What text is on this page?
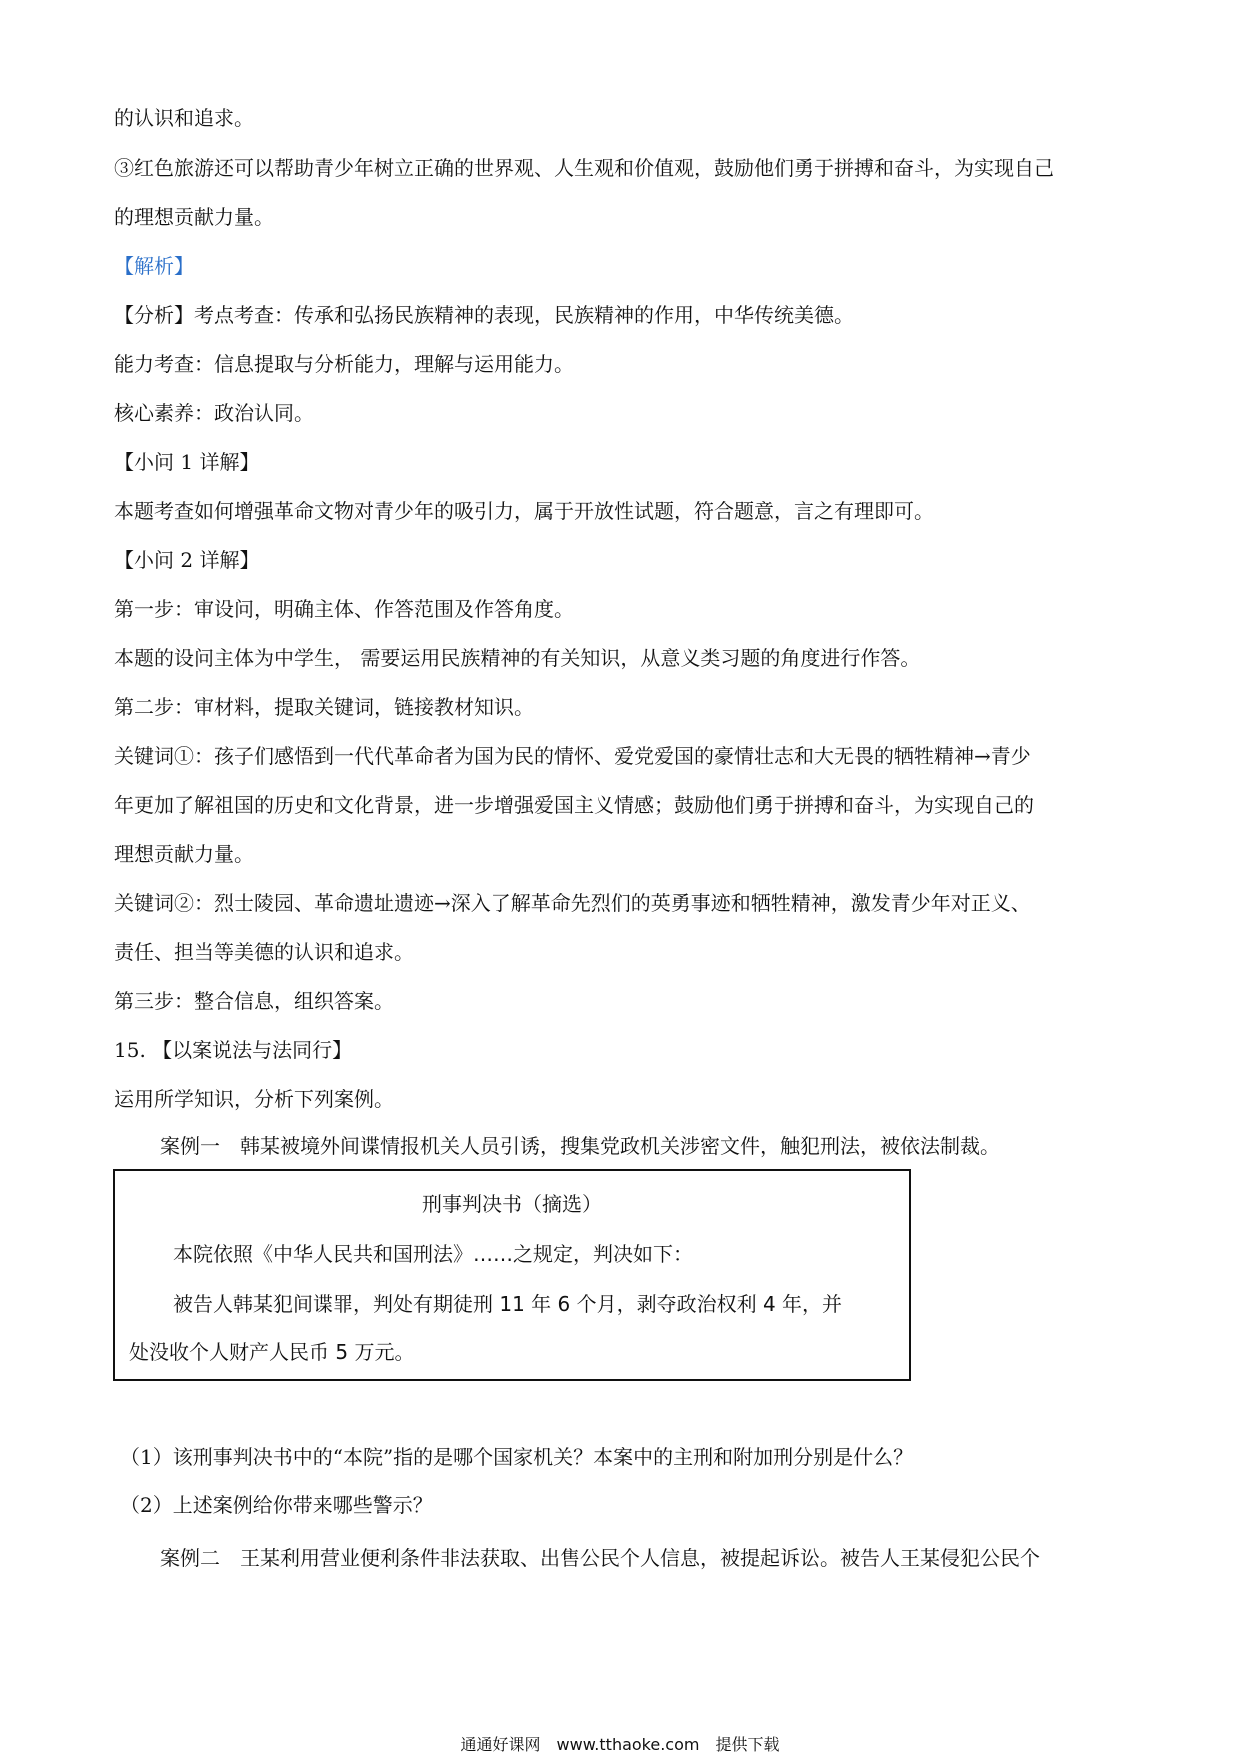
的认识和追求。
③红色旅游还可以帮助青少年树立正确的世界观、人生观和价值观，鼓励他们勇于拼搏和奋斗，为实现自己
的理想贡献力量。
【解析】
【分析】考点考查：传承和弘扬民族精神的表现，民族精神的作用，中华传统美德。
能力考查：信息提取与分析能力，理解与运用能力。
核心素养：政治认同。
【小问 1 详解】
本题考查如何增强革命文物对青少年的吸引力，属于开放性试题，符合题意，言之有理即可。
【小问 2 详解】
第一步：审设问，明确主体、作答范围及作答角度。
本题的设问主体为中学生， 需要运用民族精神的有关知识，从意义类习题的角度进行作答。
第二步：审材料，提取关键词，链接教材知识。
关键词①：孩子们感悟到一代代革命者为国为民的情怀、爱党爱国的豪情壮志和大无畏的牺牲精神→青少
年更加了解祖国的历史和文化背景，进一步增强爱国主义情感；鼓励他们勇于拼搏和奋斗，为实现自己的
理想贡献力量。
关键词②：烈士陵园、革命遗址遗迹→深入了解革命先烈们的英勇事迹和牺牲精神，激发青少年对正义、
责任、担当等美德的认识和追求。
第三步：整合信息，组织答案。
15. 【以案说法与法同行】
运用所学知识，分析下列案例。
案例一　韩某被境外间谍情报机关人员引诱，搜集党政机关涉密文件，触犯刑法，被依法制裁。
刑事判决书（摘选）
本院依照《中华人民共和国刑法》……之规定，判决如下：
被告人韩某犯间谍罪，判处有期徒刑 11 年 6 个月，剥夺政治权利 4 年，并
处没收个人财产人民币 5 万元。
（1）该刑事判决书中的“本院”指的是哪个国家机关？本案中的主刑和附加刑分别是什么？
（2）上述案例给你带来哪些警示？
案例二　王某利用营业便利条件非法获取、出售公民个人信息，被提起诉讼。被告人王某侵犯公民个
通通好课网　www.tthaoke.com　提供下载
